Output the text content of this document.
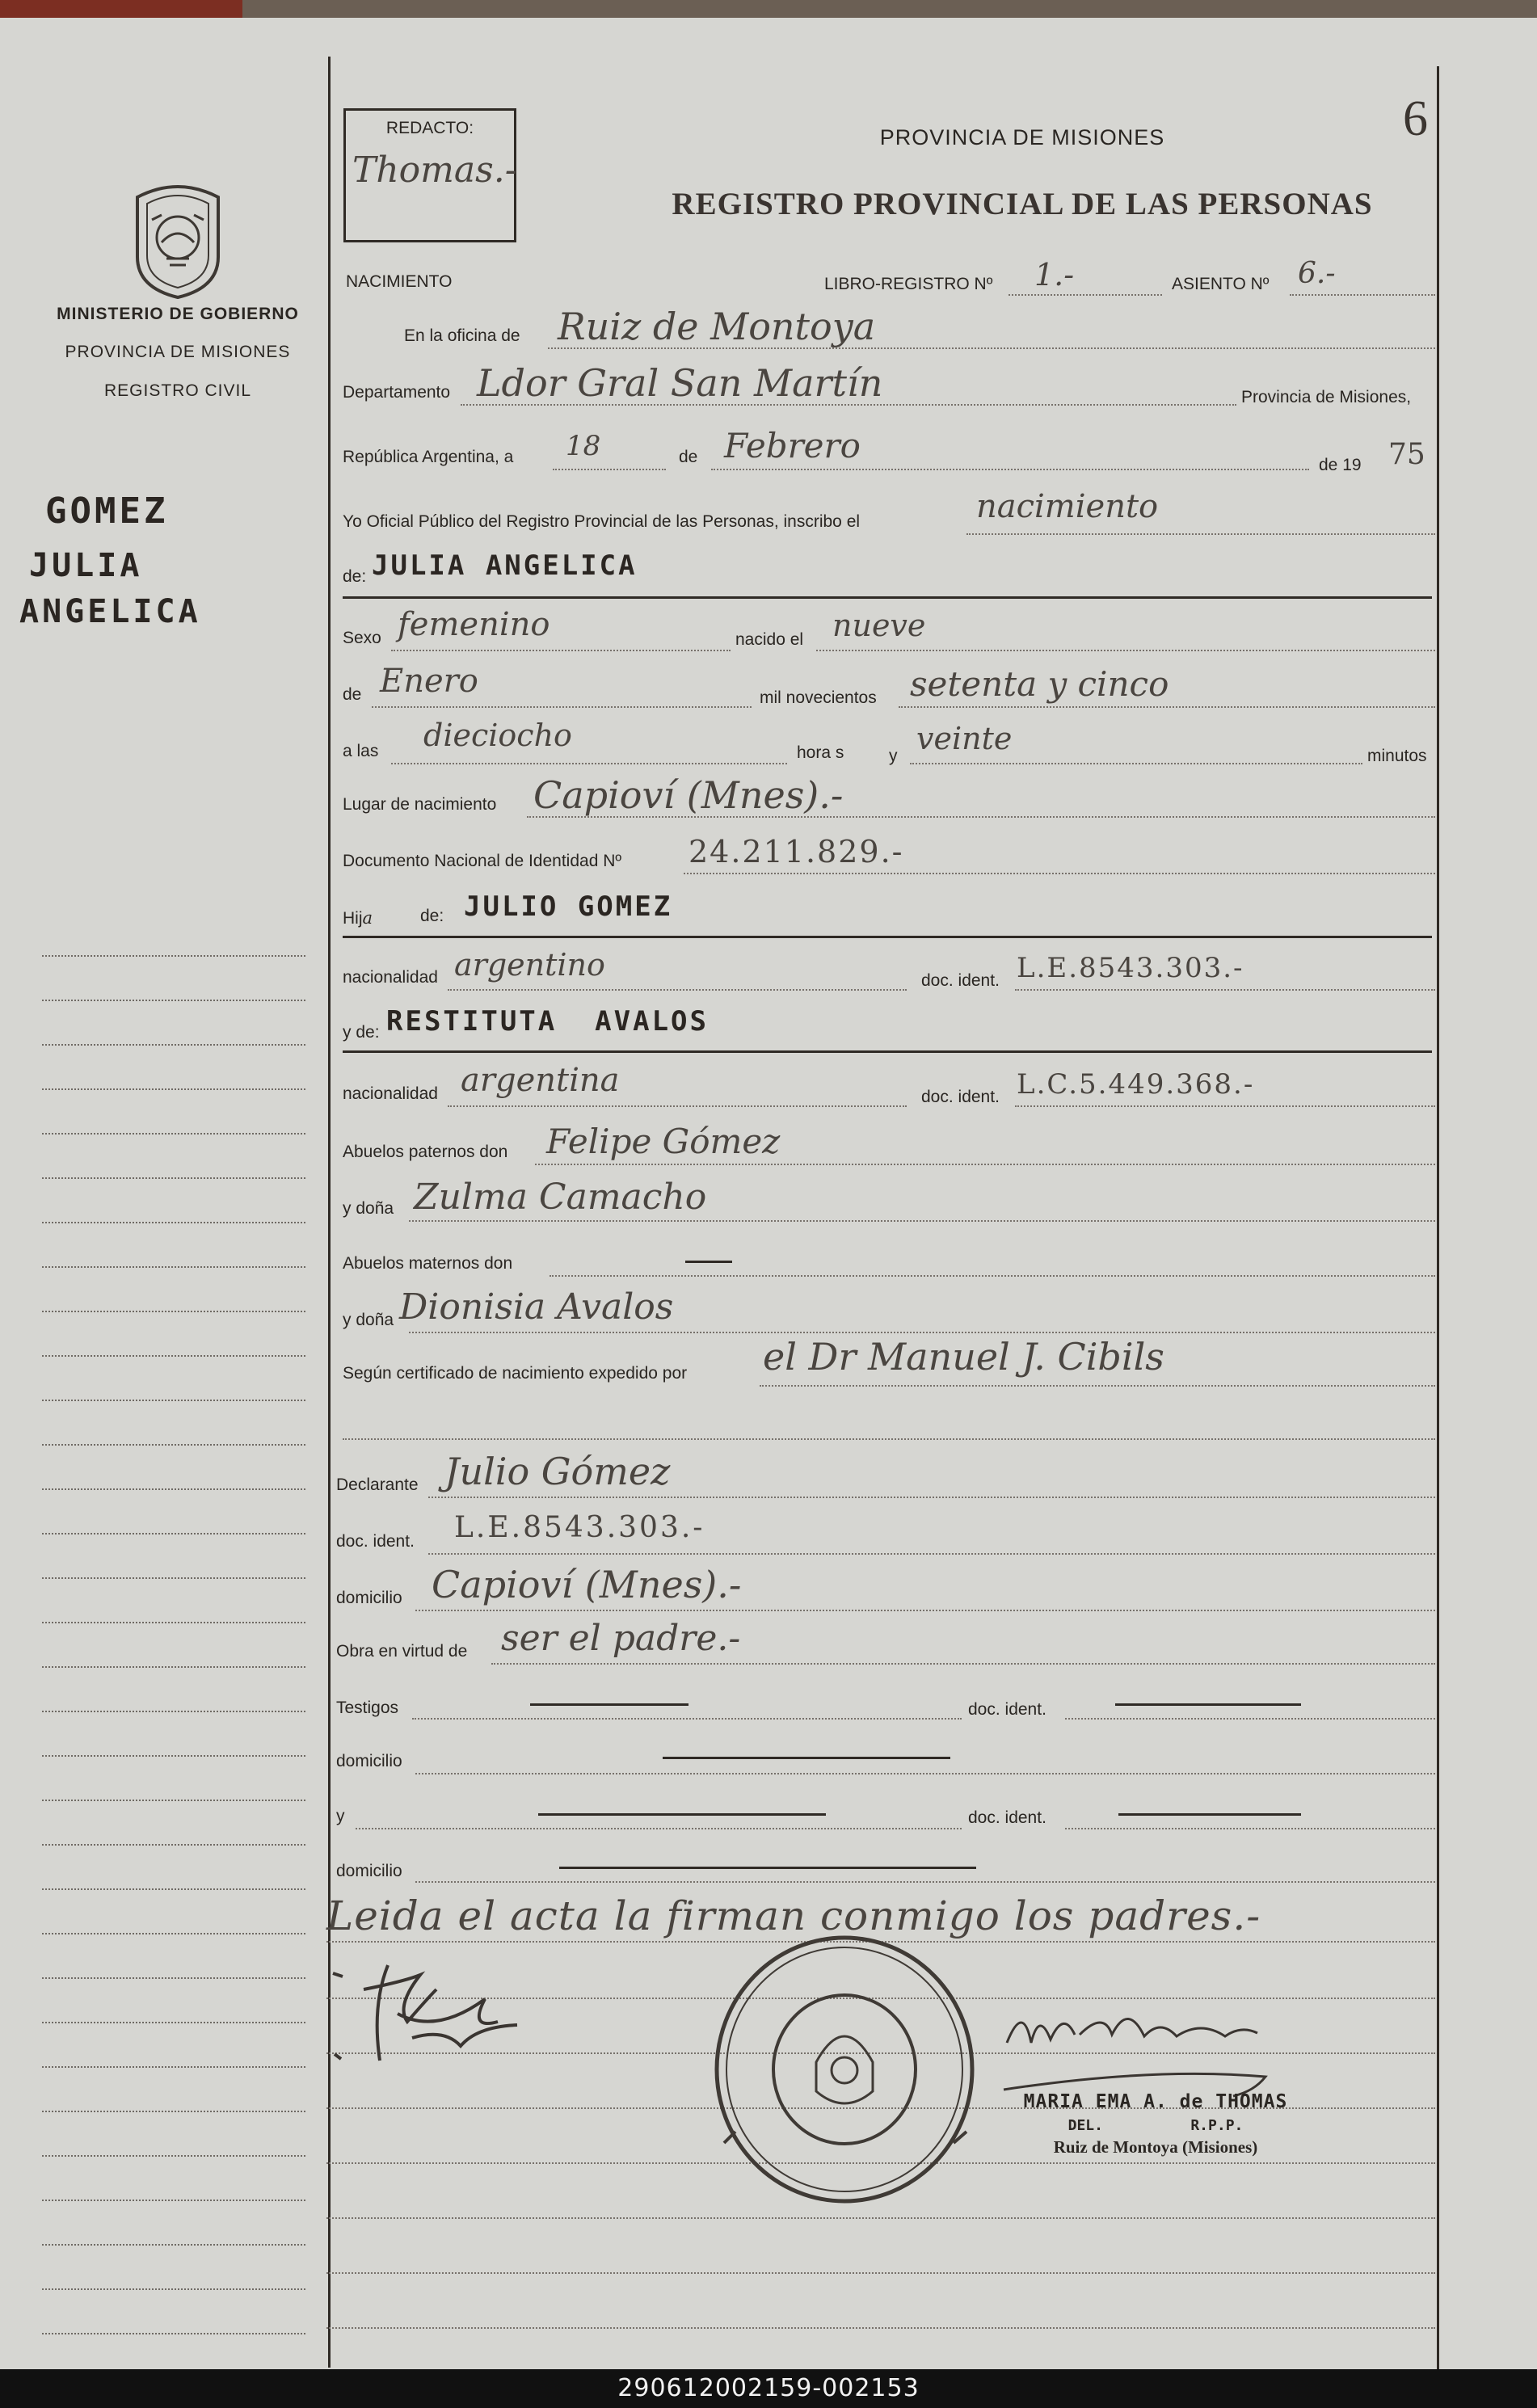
6
MINISTERIO DE GOBIERNO
PROVINCIA DE MISIONES
REGISTRO CIVIL
GOMEZ
JULIA
ANGELICA
REDACTO:
Thomas.-
PROVINCIA DE MISIONES
REGISTRO PROVINCIAL DE LAS PERSONAS
NACIMIENTO	LIBRO-REGISTRO Nº 1.-	ASIENTO Nº 6.-
En la oficina de Ruiz de Montoya
Departamento Ldor Gral San Martín	Provincia de Misiones,
República Argentina, a 18	de Febrero	de 19 75
Yo Oficial Público del Registro Provincial de las Personas, inscribo el	nacimiento
de: JULIA ANGELICA
Sexo femenino	nacido el nueve
de Enero	mil novecientos setenta y cinco
a las dieciocho	hora s	y veinte	minutos
Lugar de nacimiento Capioví (Mnes).-
Documento Nacional de Identidad Nº 24.211.829.-
Hija	de: JULIO GOMEZ
nacionalidad argentino	doc. ident. L.E.8543.303.-
y de: RESTITUTA  AVALOS
nacionalidad argentina	doc. ident. L.C.5.449.368.-
Abuelos paternos don Felipe Gómez
y doña Zulma Camacho
Abuelos maternos don
y doña Dionisia Avalos
Según certificado de nacimiento expedido por el Dr Manuel J. Cibils
Declarante Julio Gómez
doc. ident. L.E.8543.303.-
domicilio Capioví (Mnes).-
Obra en virtud de ser el padre.-
Testigos	doc. ident.
domicilio
y	doc. ident.
domicilio
Leida el acta la firman conmigo los padres.-
MARIA EMA A. de THOMAS
DEL.          R.P.P.
Ruiz de Montoya (Misiones)
290612002159-002153
